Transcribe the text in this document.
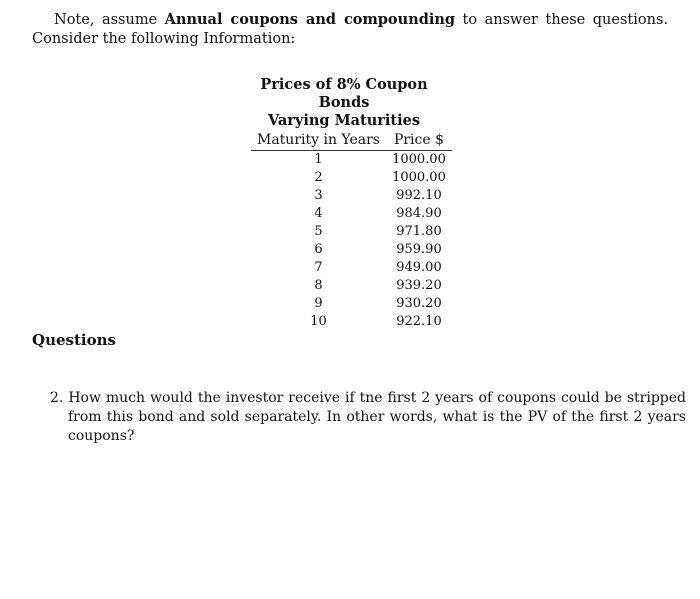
Note, assume Annual coupons and compounding to answer these questions. Consider the following Information:
Prices of 8% Coupon Bonds
Varying Maturities
Maturity in Years	Price $
1	1000.00
2	1000.00
3	992.10
4	984.90
5	971.80
6	959.90
7	949.00
8	939.20
9	930.20
10	922.10
Questions
2. How much would the investor receive if tne first 2 years of coupons could be stripped from this bond and sold separately. In other words, what is the PV of the first 2 years coupons?
